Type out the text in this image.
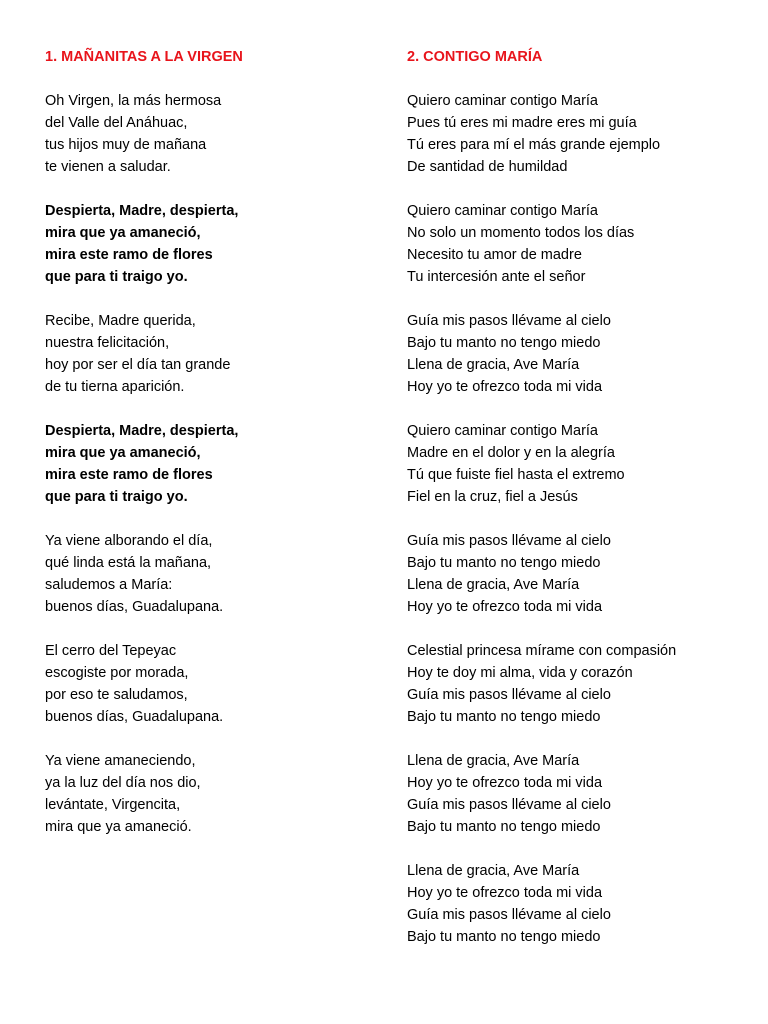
1. MAÑANITAS A LA VIRGEN
Oh Virgen, la más hermosa
del Valle del Anáhuac,
tus hijos muy de mañana
te vienen a saludar.
Despierta, Madre, despierta,
mira que ya amaneció,
mira este ramo de flores
que para ti traigo yo.
Recibe, Madre querida,
nuestra felicitación,
hoy por ser el día tan grande
de tu tierna aparición.
Despierta, Madre, despierta,
mira que ya amaneció,
mira este ramo de flores
que para ti traigo yo.
Ya viene alborando el día,
qué linda está la mañana,
saludemos a María:
buenos días, Guadalupana.
El cerro del Tepeyac
escogiste por morada,
por eso te saludamos,
buenos días, Guadalupana.
Ya viene amaneciendo,
ya la luz del día nos dio,
levántate, Virgencita,
mira que ya amaneció.
2. CONTIGO MARÍA
Quiero caminar contigo María
Pues tú eres mi madre eres mi guía
Tú eres para mí el más grande ejemplo
De santidad de humildad
Quiero caminar contigo María
No solo un momento todos los días
Necesito tu amor de madre
Tu intercesión ante el señor
Guía mis pasos llévame al cielo
Bajo tu manto no tengo miedo
Llena de gracia, Ave María
Hoy yo te ofrezco toda mi vida
Quiero caminar contigo María
Madre en el dolor y en la alegría
Tú que fuiste fiel hasta el extremo
Fiel en la cruz, fiel a Jesús
Guía mis pasos llévame al cielo
Bajo tu manto no tengo miedo
Llena de gracia, Ave María
Hoy yo te ofrezco toda mi vida
Celestial princesa mírame con compasión
Hoy te doy mi alma, vida y corazón
Guía mis pasos llévame al cielo
Bajo tu manto no tengo miedo
Llena de gracia, Ave María
Hoy yo te ofrezco toda mi vida
Guía mis pasos llévame al cielo
Bajo tu manto no tengo miedo
Llena de gracia, Ave María
Hoy yo te ofrezco toda mi vida
Guía mis pasos llévame al cielo
Bajo tu manto no tengo miedo
